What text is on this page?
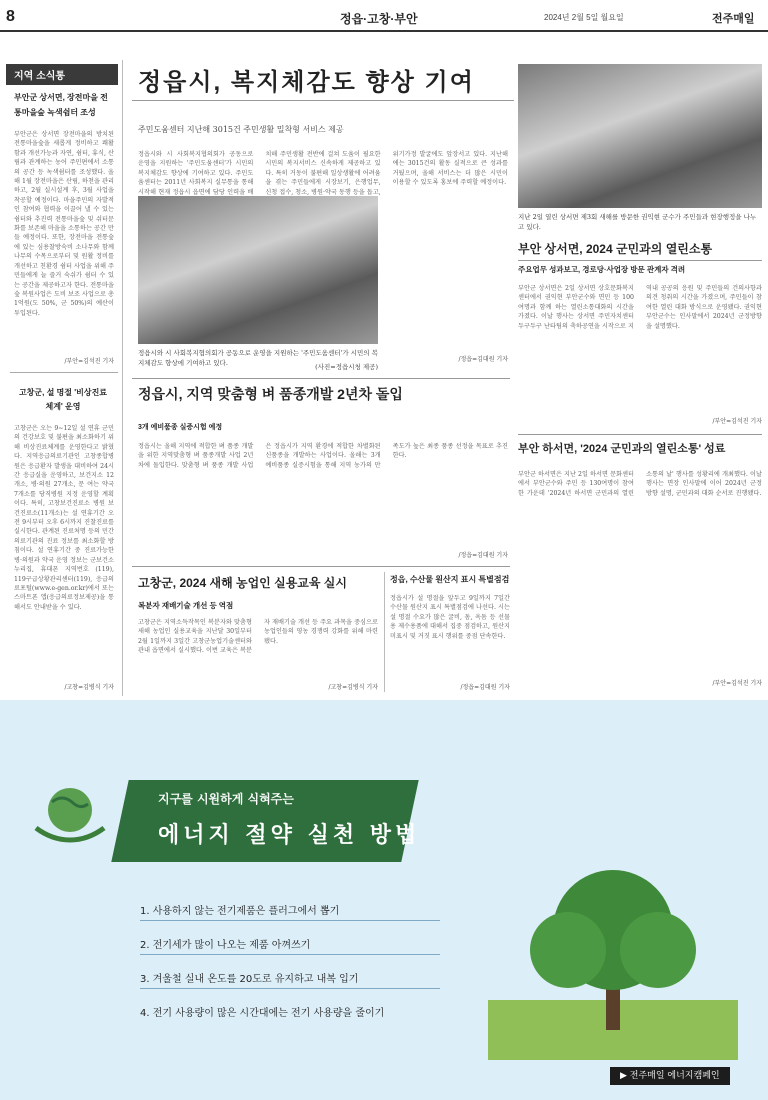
8	정읍·고창·부안	2024년 2월 5일 월요일	전주매일
지역 소식통
부안군 상서면, 장전마을 전통마을숲 녹색쉼터 조성
부안군은 상서면 장전마을의 방치된 전통마을숲을 새롭게 정비하고 쾌활함과 개선가능과 자연, 쉼터, 휴식, 산림과 관계하는 농어 주민편에서 소통의 공간 등 녹색쉼터를 조성했다. 올해 1월 장전마을은 산림, 하천을 관리하고, 2월 실시설계 후, 3월 사업을 착공할 예정이다. 마을주민의 자발적인 참여와 협력을 이끌어 낼 수 있는 쉼터와 추진력 전통마을숲 및 쉬터문화를 보존해 마을을 소통하는 공간 만들 예정이다. 또한, 장전마을 전통숲에 있는 심용찰방숙비 소나무와 함께 나무의 수목으로부터 및 원활 정비를 개선하고 친환경 쉼터 사업을 위해 주민들에게 늘 즐거 숙쉬가 쉼터 수 있는 공간을 제공하고자 한다. 전통마을숲 복원사업은 도비 보조 사업으로 총 1억원(도 50%, 군 50%)의 예산이 투입된다.
/부안=김석진 기자
고창군, 설 명절 '비상진료체계' 운영
고창군은 오는 9~12일 설 연휴 군민의 건강보호 및 불편을 최소화하기 위해 비상진료체계를 운영한다고 밝혔다. 지역응급의료기관인 고창종합병원은 응급환자 발생을 대비하여 24시간 응급실을 운영하고, 보건지소 12개소, 병·의원 27개소, 문 여는 약국 7개소를 당직병원 지정 운영할 계획이다. 특히, 고창보건진료소 병원 보건진료소(11개소)는 설 연휴기간 오전 9시부터 오후 6시까지 진찰진료를 실시한다. 관계된 진료처명 등의 민간의료기관의 진료 정보를 최소화할 방침이다. 설 연휴기간 중 진료가능한 병·의원과 약국 운영 정보는 군보건소 누리집, 휴대폰 지역번호 (119), 119구급상황관리센터(119), 응급의료포털(www.e-gen.or.kr)에서 또는 스마트폰 앱(응급의료정보제공)을 통해서도 안내받을 수 있다.
/고창=김병식 기자
정읍시, 복지체감도 향상 기여
주민도움센터 지난해 3015건 주민생활 밀착형 서비스 제공
정읍시와 시 사회복지협의회가 공동으로 운영을 지원하는 '주민도움센터'가 시민의 복지체감도 향상에 기여하고 있다. 주민도움센터는 2011년 사회복지 실무통을 통해 시작해 현재 정읍시 읍면에 담당 인력을 배치해 주민생활 전반에 걸쳐 도움이 필요한 시민의 복지서비스 신속하게 제공하고 있다. 특히 거동이 불편해 일상생활에 어려움을 겪는 주민들에게 시장보기, 은행업무, 신청 접수, 청소, 병원·약국 동행 등을 돕고, 위기가정 발굴에도 앞장서고 있다. 지난해에는 3015건의 활동 실적으로 큰 성과를 거뒀으며, 올해 서비스는 더 많은 시민이 이용할 수 있도록 홍보에 주력할 예정이다.
정읍시와 시 사회복지협의회가 공동으로 운영을 지원하는 '주민도움센터'가 시민의 복지체감도 향상에 기여하고 있다.	(사진=정읍시청 제공)
/정읍=김대원 기자
지난 2일 열린 상서면 제3회 새해를 방문한 권익현 군수가 주민들과 현장행정을 나누고 있다.
부안 상서면, 2024 군민과의 열린소통
주요업무 성과보고, 경로당·사업장 방문 관계자 격려
부안군 상서면은 2일 상서면 상호문화복지센터에서 권익현 부안군수와 면민 등 100여명과 함께 하는 열린소통대화의 시간을 가졌다. 이날 행사는 상서면 주민자치센터 두구두구 난타팀의 축하공연을 시작으로 지역내 공공의 응원 및 주민들의 건의사항과 의견 청취의 시간을 가졌으며, 주민들이 참여한 열린 대화 방식으로 운영됐다. 권익현 부안군수는 인사말에서 2024년 군정방향을 설명했다.
/부안=김석진 기자
정읍시, 지역 맞춤형 벼 품종개발 2년차 돌입
3개 예비품종 실증시험 예정
정읍시는 올해 지역에 적합한 벼 품종 개발을 위한 지역맞춤형 벼 품종개발 사업 2년차에 돌입한다. 맞춤형 벼 품종 개발 사업은 정읍시가 지역 환경에 적합한 차별화된 신품종을 개발하는 사업이다. 올해는 3개 예비품종 실증시험을 통해 지역 농가의 만족도가 높은 최종 품종 선정을 목표로 추진한다.
/정읍=김대원 기자
부안 하서면, '2024 군민과의 열린소통' 성료
부안군 하서면은 지난 2일 하서면 문화센터에서 부안군수와 주민 등 130여명이 참여한 가운데 '2024년 하서면 군민과의 열린소통의 날' 행사를 성황리에 개최했다. 이날 행사는 면장 인사말에 이어 2024년 군정 방향 설명, 군민과의 대화 순서로 진행됐다.
/부안=김석진 기자
고창군, 2024 새해 농업인 실용교육 실시
복분자 재배기술 개선 등 역점
고창군은 지역소득작목인 복분자와 맞춤형 새해 농업인 실용교육을 지난달 30일부터 2월 1일까지 3일간 고창군농업기술센터와 관내 읍면에서 실시했다. 이번 교육은 복분자 재배기술 개선 등 주요 과목을 중심으로 농업인들의 영농 경쟁력 강화를 위해 마련됐다.
/고창=김병식 기자
정읍, 수산물 원산지 표시 특별점검
정읍시가 설 명절을 앞두고 9일까지 7일간 수산물 원산지 표시 특별점검에 나선다. 시는 설 명절 수요가 많은 굴비, 돔, 옥돔 등 선물용 제수용품에 대해서 집중 점검하고, 원산지 미표시 및 거짓 표시 행위를 중점 단속한다.
/정읍=김대원 기자
지구를 시원하게 식혀주는
에너지 절약 실천 방법
1. 사용하지 않는 전기제품은 플러그에서 뽑기
2. 전기세가 많이 나오는 제품 아껴쓰기
3. 겨울철 실내 온도를 20도로 유지하고 내복 입기
4. 전기 사용량이 많은 시간대에는 전기 사용량을 줄이기
▶ 전주매일 에너지캠페인
